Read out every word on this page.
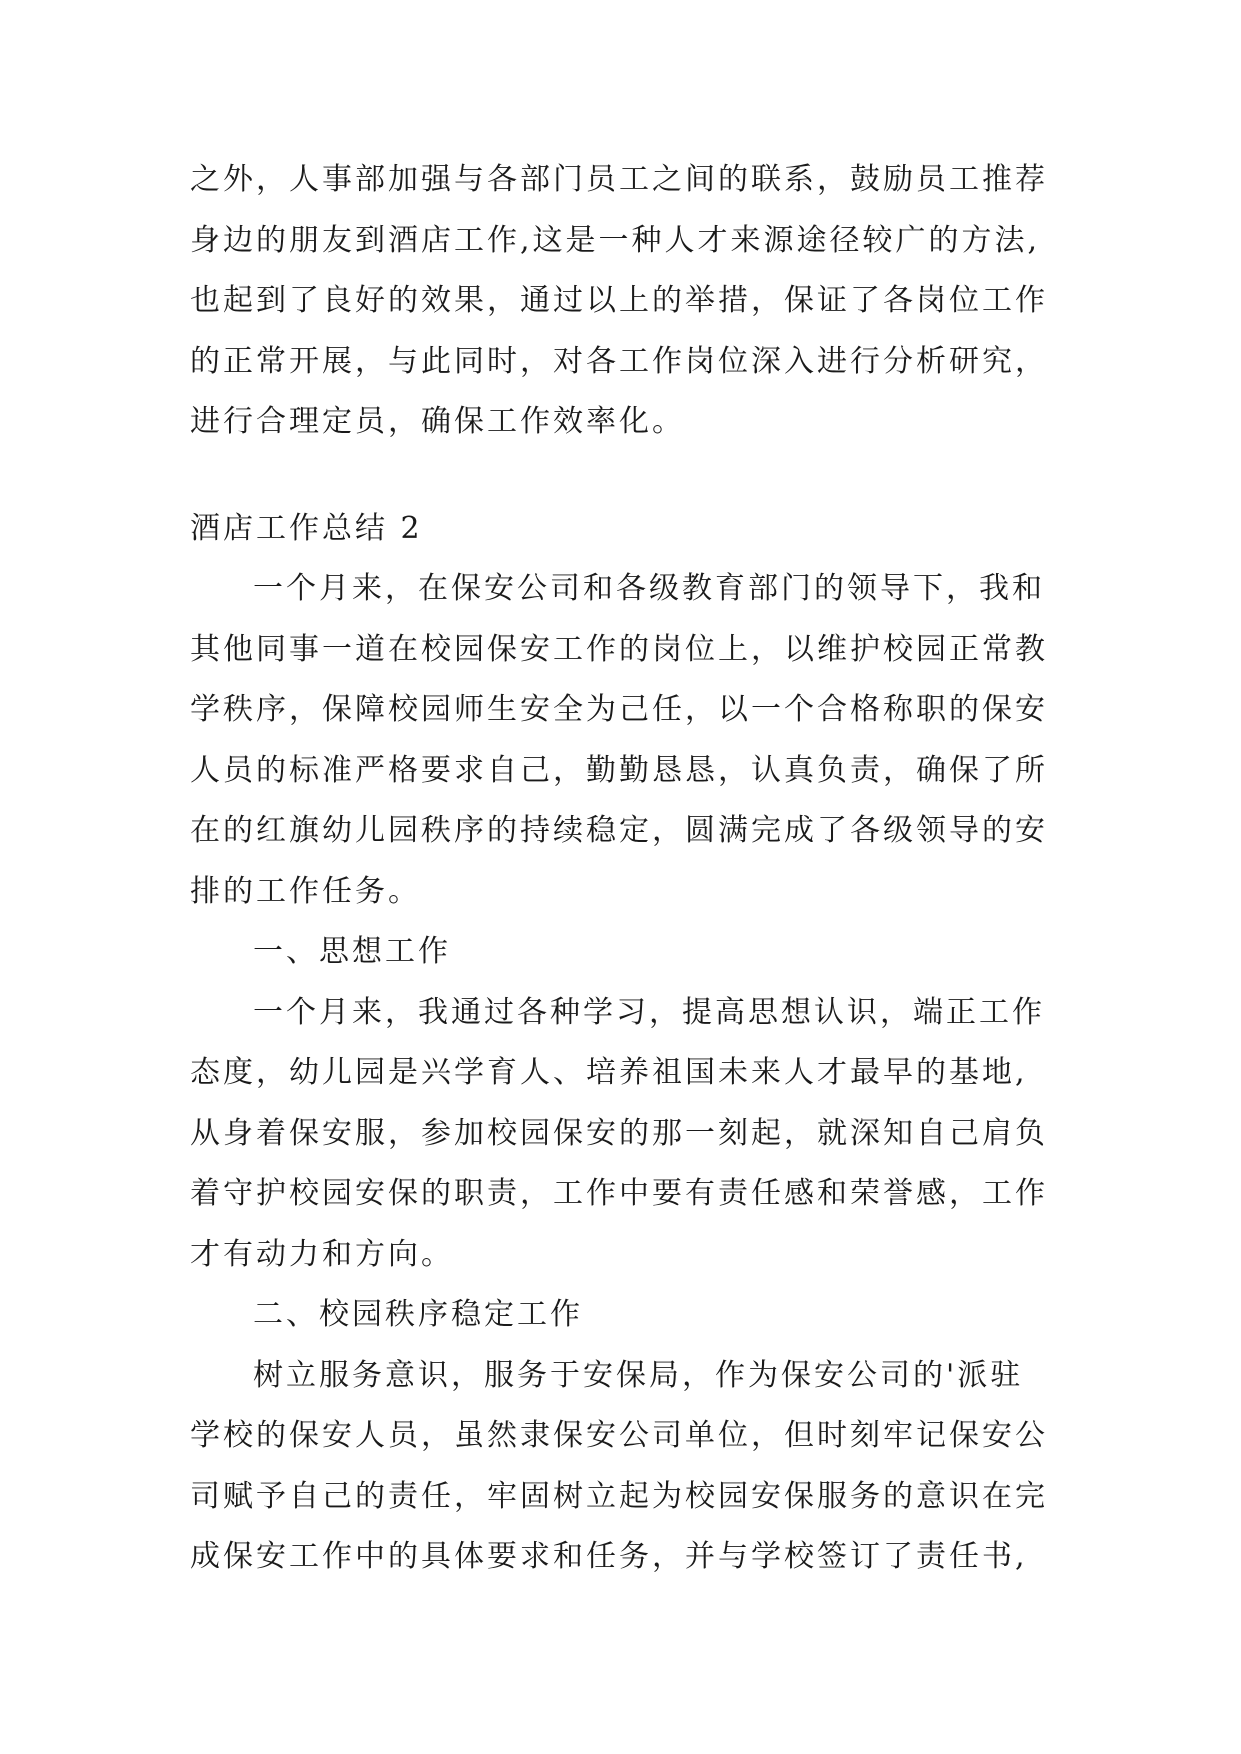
之外，人事部加强与各部门员工之间的联系，鼓励员工推荐
身边的朋友到酒店工作,这是一种人才来源途径较广的方法,
也起到了良好的效果，通过以上的举措，保证了各岗位工作
的正常开展，与此同时，对各工作岗位深入进行分析研究，
进行合理定员，确保工作效率化。
酒店工作总结 2
一个月来，在保安公司和各级教育部门的领导下，我和
其他同事一道在校园保安工作的岗位上，以维护校园正常教
学秩序，保障校园师生安全为己任，以一个合格称职的保安
人员的标准严格要求自己，勤勤恳恳，认真负责，确保了所
在的红旗幼儿园秩序的持续稳定，圆满完成了各级领导的安
排的工作任务。
一、思想工作
一个月来，我通过各种学习，提高思想认识，端正工作
态度，幼儿园是兴学育人、培养祖国未来人才最早的基地,
从身着保安服，参加校园保安的那一刻起，就深知自己肩负
着守护校园安保的职责，工作中要有责任感和荣誉感，工作
才有动力和方向。
二、校园秩序稳定工作
树立服务意识，服务于安保局，作为保安公司的'派驻
学校的保安人员，虽然隶保安公司单位，但时刻牢记保安公
司赋予自己的责任，牢固树立起为校园安保服务的意识在完
成保安工作中的具体要求和任务，并与学校签订了责任书,
